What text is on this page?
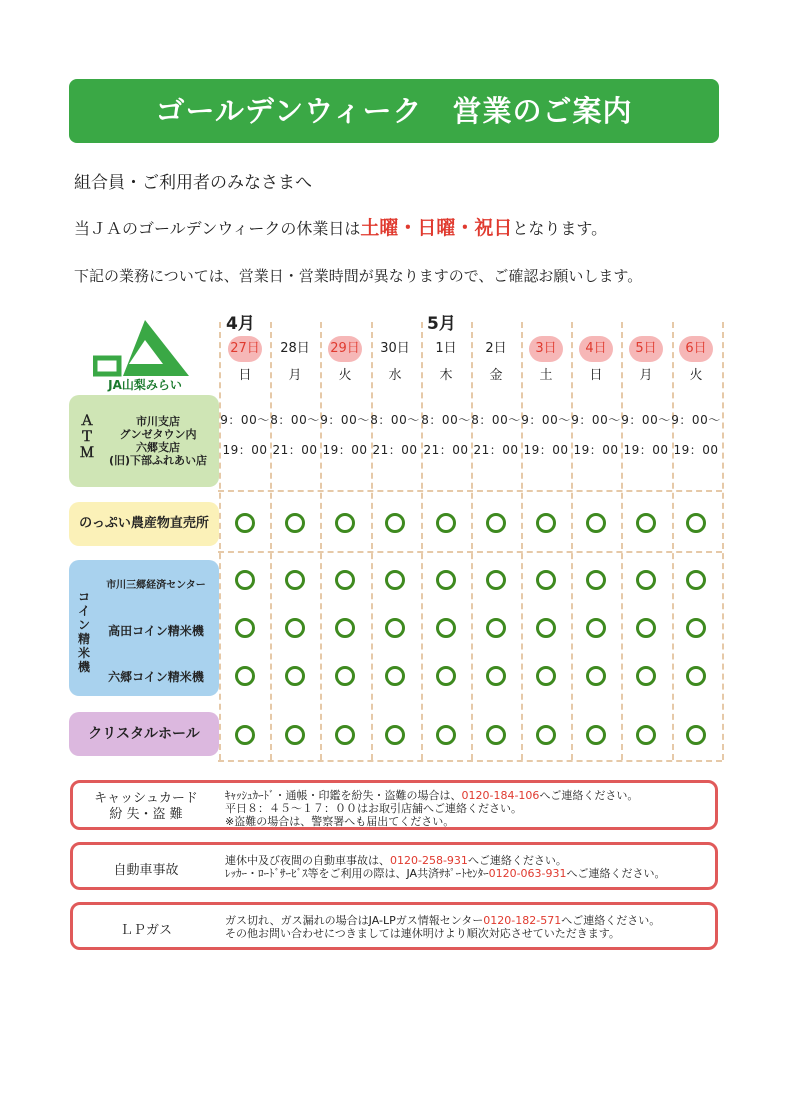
ゴールデンウィーク　営業のご案内
組合員・ご利用者のみなさまへ
当ＪＡのゴールデンウィークの休業日は土曜・日曜・祝日となります。
下記の業務については、営業日・営業時間が異なりますので、ご確認お願いします。
JA山梨みらい
4月	5月
27日
日
28日
月
29日
火
30日
水
1日
木
2日
金
3日
土
4日
日
5日
月
6日
火
ＡＴＭ
市川支店
グンゼタウン内
六郷支店
(旧)下部ふれあい店
9：00〜
19：00
8：00〜
21：00
9：00〜
19：00
8：00〜
21：00
8：00〜
21：00
8：00〜
21：00
9：00〜
19：00
9：00〜
19：00
9：00〜
19：00
9：00〜
19：00
のっぷい農産物直売所
コイン精米機
市川三郷経済センター
高田コイン精米機
六郷コイン精米機
クリスタルホール
キャッシュカード
紛 失・盗 難
ｷｬｯｼｭｶｰﾄﾞ・通帳・印鑑を紛失・盗難の場合は、0120-184-106へご連絡ください。
平日８：４５〜１７：００はお取引店舗へご連絡ください。
※盗難の場合は、警察署へも届出てください。
自動車事故
連休中及び夜間の自動車事故は、0120-258-931へご連絡ください。
ﾚｯｶｰ・ﾛｰﾄﾞｻｰﾋﾞｽ等をご利用の際は、JA共済ｻﾎﾟｰﾄｾﾝﾀｰ0120-063-931へご連絡ください。
ＬＰガス
ガス切れ、ガス漏れの場合はJA-LPガス情報センター0120-182-571へご連絡ください。
その他お問い合わせにつきましては連休明けより順次対応させていただきます。
